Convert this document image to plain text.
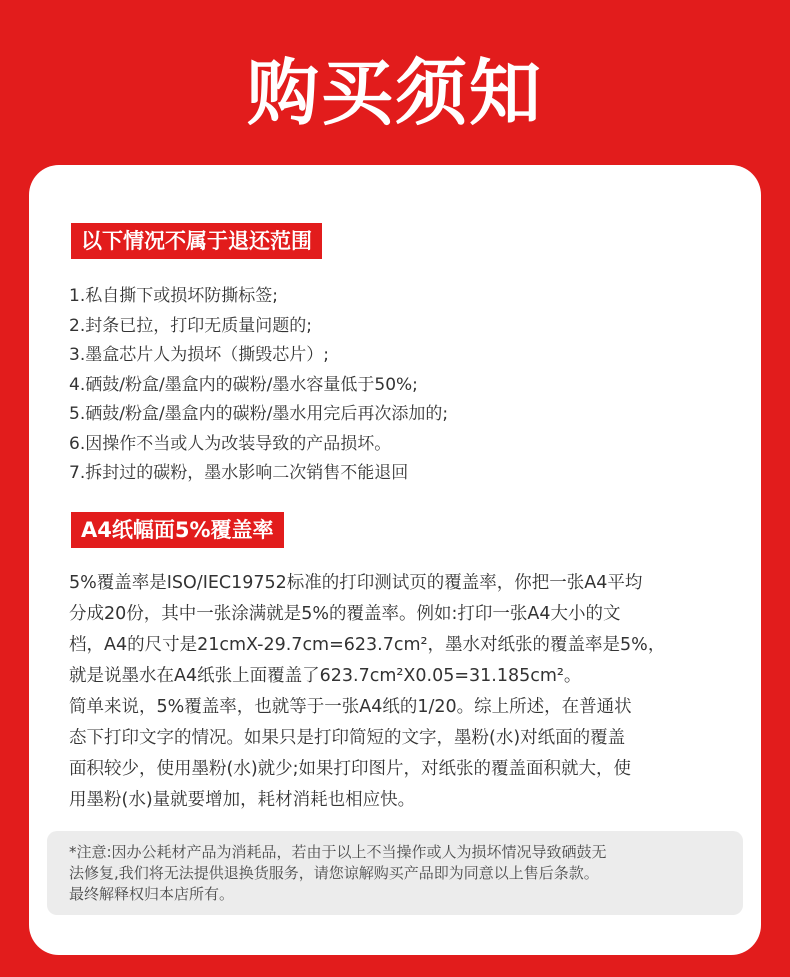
购买须知
以下情况不属于退还范围
1.私自撕下或损坏防撕标签;
2.封条已拉，打印无质量问题的;
3.墨盒芯片人为损坏（撕毁芯片）;
4.硒鼓/粉盒/墨盒内的碳粉/墨水容量低于50%;
5.硒鼓/粉盒/墨盒内的碳粉/墨水用完后再次添加的;
6.因操作不当或人为改装导致的产品损坏。
7.拆封过的碳粉，墨水影响二次销售不能退回
A4纸幅面5%覆盖率
5%覆盖率是ISO/IEC19752标准的打印测试页的覆盖率，你把一张A4平均
分成20份，其中一张涂满就是5%的覆盖率。例如:打印一张A4大小的文
档，A4的尺寸是21cmX-29.7cm=623.7cm²，墨水对纸张的覆盖率是5%，
就是说墨水在A4纸张上面覆盖了623.7cm²X0.05=31.185cm²。
简单来说，5%覆盖率，也就等于一张A4纸的1/20。综上所述，在普通状
态下打印文字的情况。如果只是打印简短的文字，墨粉(水)对纸面的覆盖
面积较少，使用墨粉(水)就少;如果打印图片，对纸张的覆盖面积就大，使
用墨粉(水)量就要增加，耗材消耗也相应快。
*注意:因办公耗材产品为消耗品，若由于以上不当操作或人为损坏情况导致硒鼓无
法修复,我们将无法提供退换货服务，请您谅解购买产品即为同意以上售后条款。
最终解释权归本店所有。
